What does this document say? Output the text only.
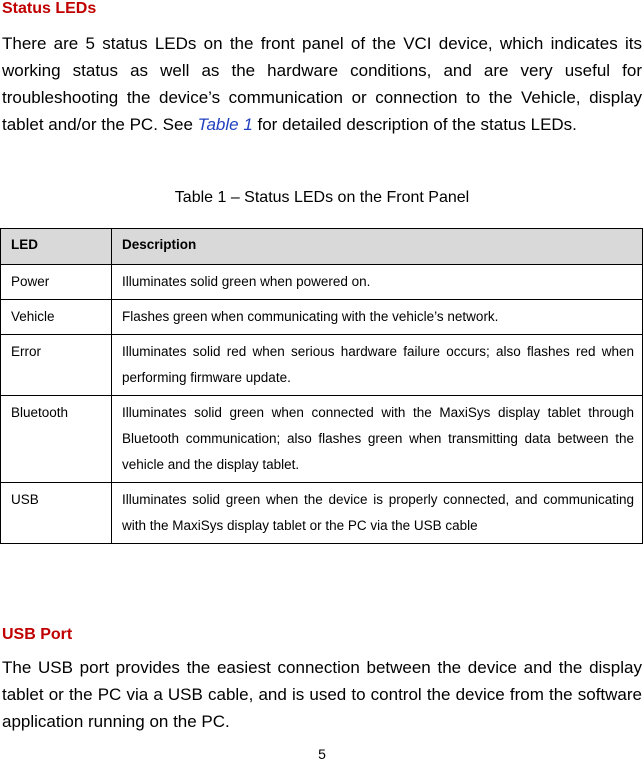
Status LEDs

There are 5 status LEDs on the front panel of the VCI device, which indicates its working status as well as the hardware conditions, and are very useful for troubleshooting the device’s communication or connection to the Vehicle, display tablet and/or the PC. See Table 1 for detailed description of the status LEDs.

Table 1 – Status LEDs on the Front Panel

LED	Description
Power	Illuminates solid green when powered on.
Vehicle	Flashes green when communicating with the vehicle’s network.
Error	Illuminates solid red when serious hardware failure occurs; also flashes red when performing firmware update.
Bluetooth	Illuminates solid green when connected with the MaxiSys display tablet through Bluetooth communication; also flashes green when transmitting data between the vehicle and the display tablet.
USB	Illuminates solid green when the device is properly connected, and communicating with the MaxiSys display tablet or the PC via the USB cable
USB Port

The USB port provides the easiest connection between the device and the display tablet or the PC via a USB cable, and is used to control the device from the software application running on the PC.

5
